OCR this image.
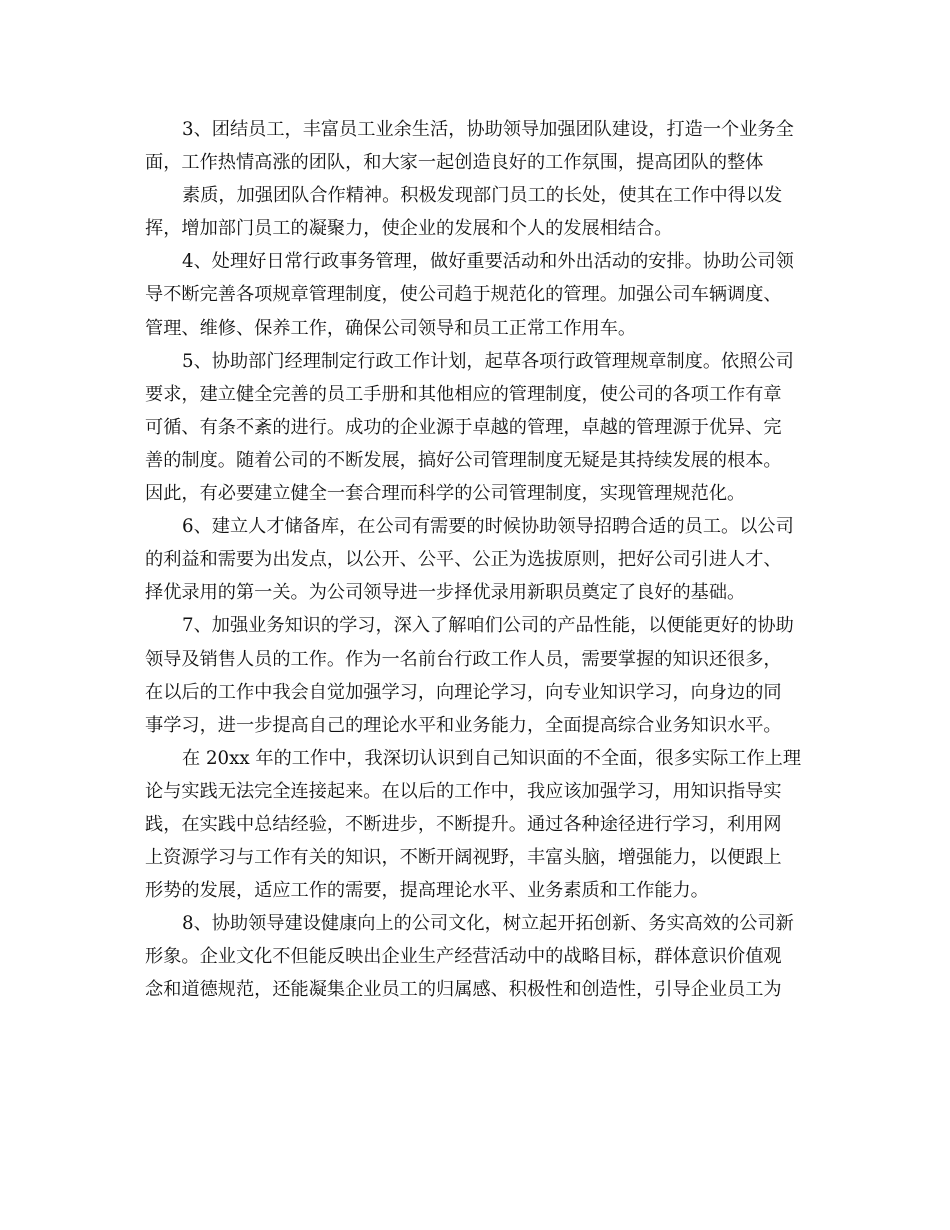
3、团结员工，丰富员工业余生活，协助领导加强团队建设，打造一个业务全
面，工作热情高涨的团队，和大家一起创造良好的工作氛围，提高团队的整体
素质，加强团队合作精神。积极发现部门员工的长处，使其在工作中得以发
挥，增加部门员工的凝聚力，使企业的发展和个人的发展相结合。
4、处理好日常行政事务管理，做好重要活动和外出活动的安排。协助公司领
导不断完善各项规章管理制度，使公司趋于规范化的管理。加强公司车辆调度、
管理、维修、保养工作，确保公司领导和员工正常工作用车。
5、协助部门经理制定行政工作计划，起草各项行政管理规章制度。依照公司
要求，建立健全完善的员工手册和其他相应的管理制度，使公司的各项工作有章
可循、有条不紊的进行。成功的企业源于卓越的管理，卓越的管理源于优异、完
善的制度。随着公司的不断发展，搞好公司管理制度无疑是其持续发展的根本。
因此，有必要建立健全一套合理而科学的公司管理制度，实现管理规范化。
6、建立人才储备库，在公司有需要的时候协助领导招聘合适的员工。以公司
的利益和需要为出发点，以公开、公平、公正为选拔原则，把好公司引进人才、
择优录用的第一关。为公司领导进一步择优录用新职员奠定了良好的基础。
7、加强业务知识的学习，深入了解咱们公司的产品性能，以便能更好的协助
领导及销售人员的工作。作为一名前台行政工作人员，需要掌握的知识还很多，
在以后的工作中我会自觉加强学习，向理论学习，向专业知识学习，向身边的同
事学习，进一步提高自己的理论水平和业务能力，全面提高综合业务知识水平。
在 20xx 年的工作中，我深切认识到自己知识面的不全面，很多实际工作上理
论与实践无法完全连接起来。在以后的工作中，我应该加强学习，用知识指导实
践，在实践中总结经验，不断进步，不断提升。通过各种途径进行学习，利用网
上资源学习与工作有关的知识，不断开阔视野，丰富头脑，增强能力，以便跟上
形势的发展，适应工作的需要，提高理论水平、业务素质和工作能力。
8、协助领导建设健康向上的公司文化，树立起开拓创新、务实高效的公司新
形象。企业文化不但能反映出企业生产经营活动中的战略目标，群体意识价值观
念和道德规范，还能凝集企业员工的归属感、积极性和创造性，引导企业员工为
